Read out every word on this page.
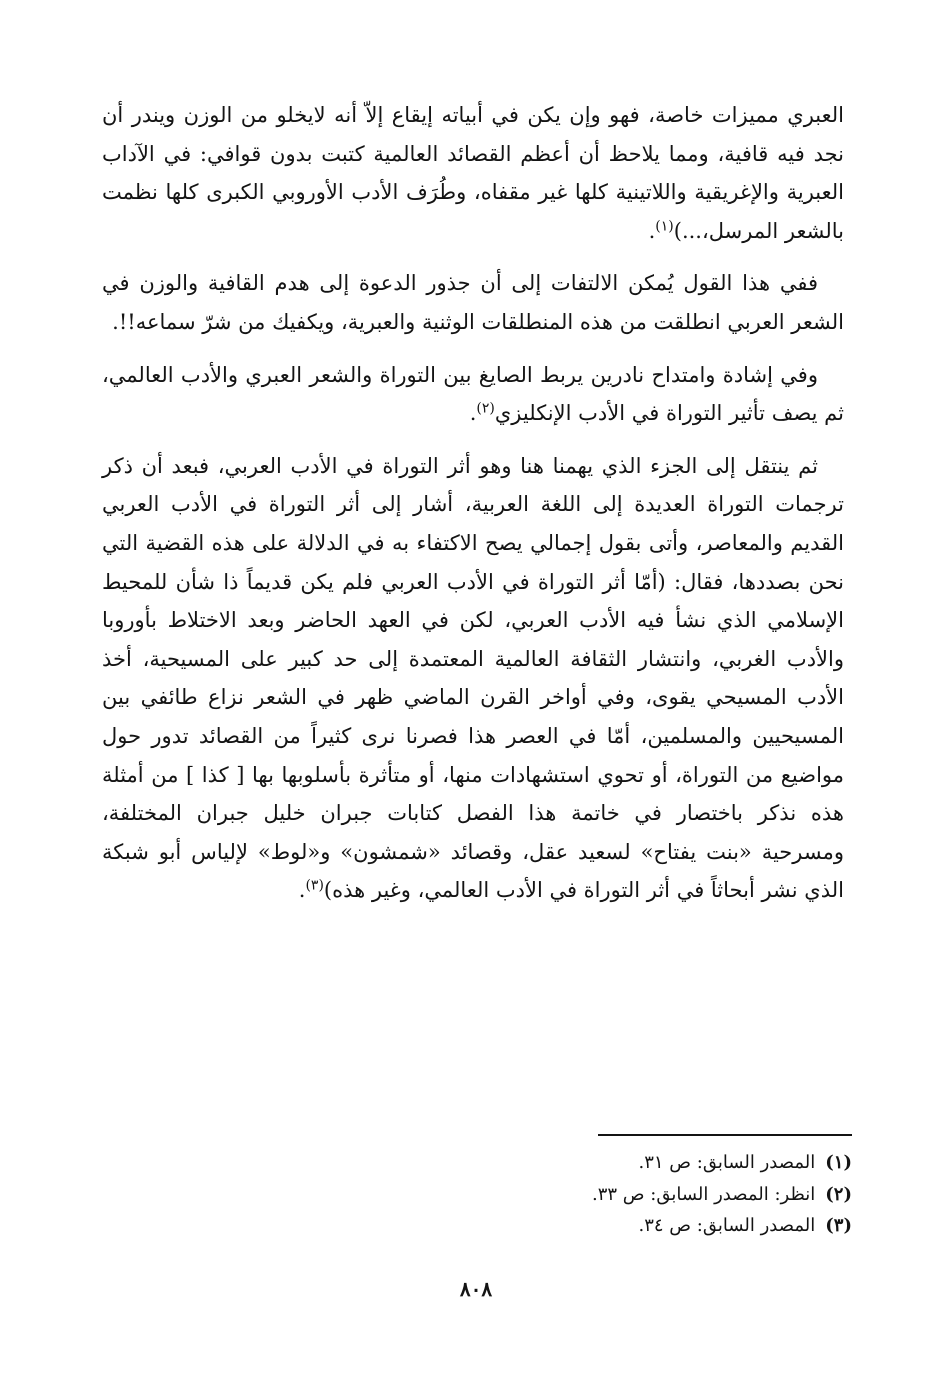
العبري مميزات خاصة، فهو وإن يكن في أبياته إيقاع إلاّ أنه لايخلو من الوزن ويندر أن نجد فيه قافية، ومما يلاحظ أن أعظم القصائد العالمية كتبت بدون قوافي: في الآداب العبرية والإغريقية واللاتينية كلها غير مقفاه، وطُرَف الأدب الأوروبي الكبرى كلها نظمت بالشعر المرسل،...)$^{(١)}$.

ففي هذا القول يُمكن الالتفات إلى أن جذور الدعوة إلى هدم القافية والوزن في الشعر العربي انطلقت من هذه المنطلقات الوثنية والعبرية، ويكفيك من شرّ سماعه!!.

وفي إشادة وامتداح نادرين يربط الصايغ بين التوراة والشعر العبري والأدب العالمي، ثم يصف تأثير التوراة في الأدب الإنكليزي$^{(٢)}$.

ثم ينتقل إلى الجزء الذي يهمنا هنا وهو أثر التوراة في الأدب العربي، فبعد أن ذكر ترجمات التوراة العديدة إلى اللغة العربية، أشار إلى أثر التوراة في الأدب العربي القديم والمعاصر، وأتى بقول إجمالي يصح الاكتفاء به في الدلالة على هذه القضية التي نحن بصددها، فقال: (أمّا أثر التوراة في الأدب العربي فلم يكن قديماً ذا شأن للمحيط الإسلامي الذي نشأ فيه الأدب العربي، لكن في العهد الحاضر وبعد الاختلاط بأوروبا والأدب الغربي، وانتشار الثقافة العالمية المعتمدة إلى حد كبير على المسيحية، أخذ الأدب المسيحي يقوى، وفي أواخر القرن الماضي ظهر في الشعر نزاع طائفي بين المسيحيين والمسلمين، أمّا في العصر هذا فصرنا نرى كثيراً من القصائد تدور حول مواضيع من التوراة، أو تحوي استشهادات منها، أو متأثرة بأسلوبها بها [ كذا ] من أمثلة هذه نذكر باختصار في خاتمة هذا الفصل كتابات جبران خليل جبران المختلفة، ومسرحية «بنت يفتاح» لسعيد عقل، وقصائد «شمشون» و«لوط» لإلياس أبو شبكة الذي نشر أبحاثاً في أثر التوراة في الأدب العالمي، وغير هذه)$^{(٣)}$.

(١)المصدر السابق: ص ٣١.
(٢)انظر: المصدر السابق: ص ٣٣.
(٣)المصدر السابق: ص ٣٤.
٨٠٨
